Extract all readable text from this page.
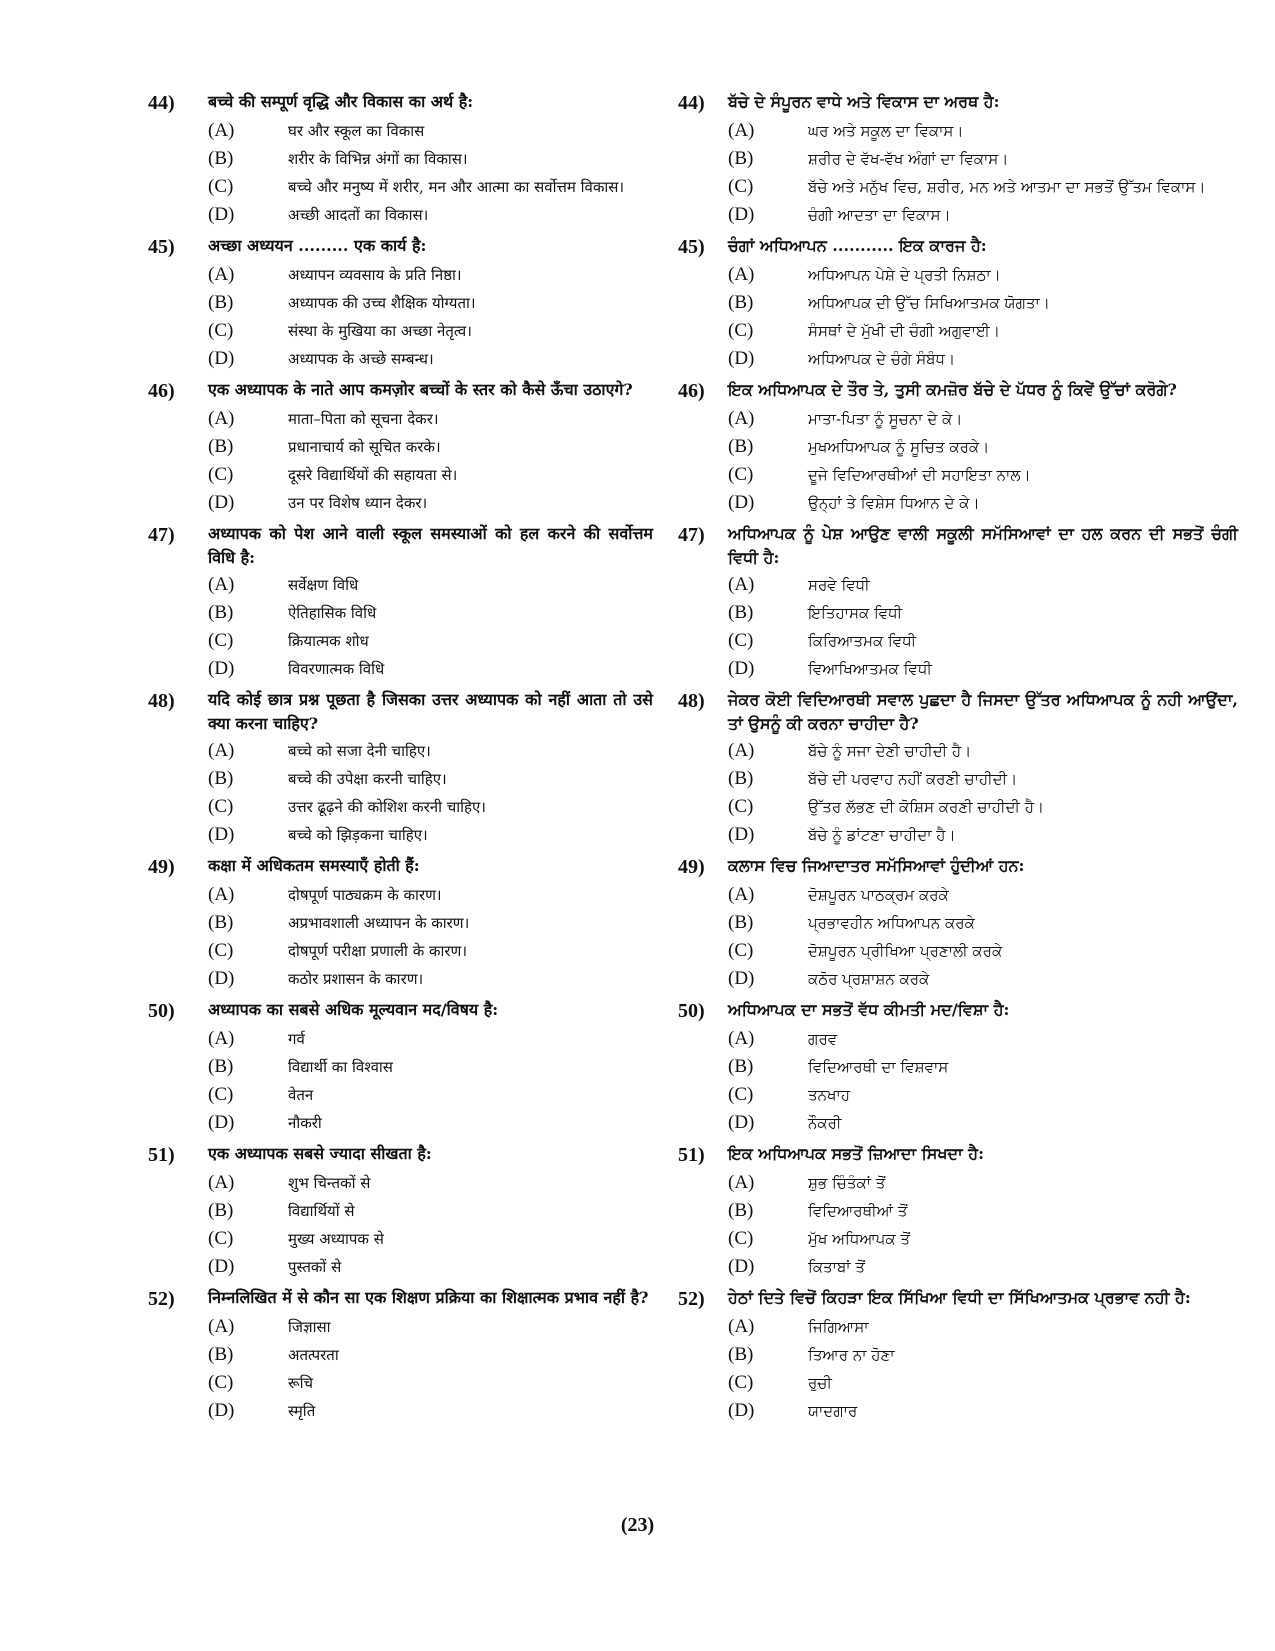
44)	बच्चे की सम्पूर्ण वृद्धि और विकास का अर्थ है:
(A)	घर और स्कूल का विकास
(B)	शरीर के विभिन्न अंगों का विकास।
(C)	बच्चे और मनुष्य में शरीर, मन और आत्मा का सर्वोत्तम विकास।
(D)	अच्छी आदतों का विकास।
45)	अच्छा अध्ययन ......... एक कार्य है:
(A)	अध्यापन व्यवसाय के प्रति निष्ठा।
(B)	अध्यापक की उच्च शैक्षिक योग्यता।
(C)	संस्था के मुखिया का अच्छा नेतृत्व।
(D)	अध्यापक के अच्छे सम्बन्ध।
46)	एक अध्यापक के नाते आप कमज़ोर बच्चों के स्तर को कैसे ऊँचा उठाएगे?
(A)	माता–पिता को सूचना देकर।
(B)	प्रधानाचार्य को सूचित करके।
(C)	दूसरे विद्यार्थियों की सहायता से।
(D)	उन पर विशेष ध्यान देकर।
47)	अध्यापक को पेश आने वाली स्कूल समस्याओं को हल करने की सर्वोत्तम विधि है:
(A)	सर्वेक्षण विधि
(B)	ऐतिहासिक विधि
(C)	क्रियात्मक शोध
(D)	विवरणात्मक विधि
48)	यदि कोई छात्र प्रश्न पूछता है जिसका उत्तर अध्यापक को नहीं आता तो उसे क्या करना चाहिए?
(A)	बच्चे को सजा देनी चाहिए।
(B)	बच्चे की उपेक्षा करनी चाहिए।
(C)	उत्तर ढूढ़ने की कोशिश करनी चाहिए।
(D)	बच्चे को झिड़कना चाहिए।
49)	कक्षा में अधिकतम समस्याएँ होती हैं:
(A)	दोषपूर्ण पाठ्यक्रम के कारण।
(B)	अप्रभावशाली अध्यापन के कारण।
(C)	दोषपूर्ण परीक्षा प्रणाली के कारण।
(D)	कठोर प्रशासन के कारण।
50)	अध्यापक का सबसे अधिक मूल्यवान मद/विषय है:
(A)	गर्व
(B)	विद्यार्थी का विश्वास
(C)	वेतन
(D)	नौकरी
51)	एक अध्यापक सबसे ज्यादा सीखता है:
(A)	शुभ चिन्तकों से
(B)	विद्यार्थियों से
(C)	मुख्य अध्यापक से
(D)	पुस्तकों से
52)	निम्नलिखित में से कौन सा एक शिक्षण प्रक्रिया का शिक्षात्मक प्रभाव नहीं है?
(A)	जिज्ञासा
(B)	अतत्परता
(C)	रूचि
(D)	स्मृति
44)	ਬੱਚੇ ਦੇ ਸੰਪੂਰਨ ਵਾਧੇ ਅਤੇ ਵਿਕਾਸ ਦਾ ਅਰਥ ਹੈ:
(A)	ਘਰ ਅਤੇ ਸਕੂਲ ਦਾ ਵਿਕਾਸ।
(B)	ਸ਼ਰੀਰ ਦੇ ਵੱਖ-ਵੱਖ ਅੰਗਾਂ ਦਾ ਵਿਕਾਸ।
(C)	ਬੱਚੇ ਅਤੇ ਮਨੁੱਖ ਵਿਚ, ਸ਼ਰੀਰ, ਮਨ ਅਤੇ ਆਤਮਾ ਦਾ ਸਭਤੋਂ ਉੱਤਮ ਵਿਕਾਸ।
(D)	ਚੰਗੀ ਆਦਤਾ ਦਾ ਵਿਕਾਸ।
45)	ਚੰਗਾਂ ਅਧਿਆਪਨ ........... ਇਕ ਕਾਰਜ ਹੈ:
(A)	ਅਧਿਆਪਨ ਪੇਸ਼ੇ ਦੇ ਪ੍ਰਤੀ ਨਿਸ਼ਠਾ।
(B)	ਅਧਿਆਪਕ ਦੀ ਉੱਚ ਸਿਖਿਆਤਮਕ ਯੋਗਤਾ।
(C)	ਸੰਸਥਾਂ ਦੇ ਮੁੱਖੀ ਦੀ ਚੰਗੀ ਅਗੁਵਾਈ।
(D)	ਅਧਿਆਪਕ ਦੇ ਚੰਗੇ ਸੰਬੰਧ।
46)	ਇਕ ਅਧਿਆਪਕ ਦੇ ਤੌਰ ਤੇ, ਤੁਸੀ ਕਮਜ਼ੋਰ ਬੱਚੇ ਦੇ ਪੱਧਰ ਨੂੰ ਕਿਵੇਂ ਉੱਚਾਂ ਕਰੋਗੇ?
(A)	ਮਾਤਾ-ਪਿਤਾ ਨੂੰ ਸੂਚਨਾ ਦੇ ਕੇ।
(B)	ਮੁਖਅਧਿਆਪਕ ਨੂੰ ਸੂਚਿਤ ਕਰਕੇ।
(C)	ਦੂਜੇ ਵਿਦਿਆਰਥੀਆਂ ਦੀ ਸਹਾਇਤਾ ਨਾਲ।
(D)	ਉਨ੍ਹਾਂ ਤੇ ਵਿਸ਼ੇਸ ਧਿਆਨ ਦੇ ਕੇ।
47)	ਅਧਿਆਪਕ ਨੂੰ ਪੇਸ਼ ਆਉਣ ਵਾਲੀ ਸਕੂਲੀ ਸਮੱਸਿਆਵਾਂ ਦਾ ਹਲ ਕਰਨ ਦੀ ਸਭਤੋਂ ਚੰਗੀ ਵਿਧੀ ਹੈ:
(A)	ਸਰਵੇ ਵਿਧੀ
(B)	ਇਤਿਹਾਸਕ ਵਿਧੀ
(C)	ਕਿਰਿਆਤਮਕ ਵਿਧੀ
(D)	ਵਿਆਖਿਆਤਮਕ ਵਿਧੀ
48)	ਜੇਕਰ ਕੋਈ ਵਿਦਿਆਰਥੀ ਸਵਾਲ ਪੁਛਦਾ ਹੈ ਜਿਸਦਾ ਉੱਤਰ ਅਧਿਆਪਕ ਨੂੰ ਨਹੀ ਆਉਂਦਾ, ਤਾਂ ਉਸਨੂੰ ਕੀ ਕਰਨਾ ਚਾਹੀਦਾ ਹੈ?
(A)	ਬੱਚੇ ਨੂੰ ਸਜਾ ਦੇਣੀ ਚਾਹੀਦੀ ਹੈ।
(B)	ਬੱਚੇ ਦੀ ਪਰਵਾਹ ਨਹੀਂ ਕਰਣੀ ਚਾਹੀਦੀ।
(C)	ਉੱਤਰ ਲੱਭਣ ਦੀ ਕੋਸ਼ਿਸ ਕਰਣੀ ਚਾਹੀਦੀ ਹੈ।
(D)	ਬੱਚੇ ਨੂੰ ਡਾਂਟਣਾ ਚਾਹੀਦਾ ਹੈ।
49)	ਕਲਾਸ ਵਿਚ ਜਿਆਦਾਤਰ ਸਮੱਸਿਆਵਾਂ ਹੁੰਦੀਆਂ ਹਨ:
(A)	ਦੋਸ਼ਪੂਰਨ ਪਾਠਕ੍ਰਮ ਕਰਕੇ
(B)	ਪ੍ਰਭਾਵਹੀਨ ਅਧਿਆਪਨ ਕਰਕੇ
(C)	ਦੋਸ਼ਪੂਰਨ ਪ੍ਰੀਖਿਆ ਪ੍ਰਣਾਲੀ ਕਰਕੇ
(D)	ਕਠੋਰ ਪ੍ਰਸ਼ਾਸ਼ਨ ਕਰਕੇ
50)	ਅਧਿਆਪਕ ਦਾ ਸਭਤੋਂ ਵੱਧ ਕੀਮਤੀ ਮਦ/ਵਿਸ਼ਾ ਹੈ:
(A)	ਗਰਵ
(B)	ਵਿਦਿਆਰਥੀ ਦਾ ਵਿਸ਼ਵਾਸ
(C)	ਤਨਖਾਹ
(D)	ਨੌਕਰੀ
51)	ਇਕ ਅਧਿਆਪਕ ਸਭਤੋਂ ਜ਼ਿਆਦਾ ਸਿਖਦਾ ਹੈ:
(A)	ਸ਼ੁਭ ਚਿੰਤੰਕਾਂ ਤੋਂ
(B)	ਵਿਦਿਆਰਥੀਆਂ ਤੋਂ
(C)	ਮੁੱਖ ਅਧਿਆਪਕ ਤੋਂ
(D)	ਕਿਤਾਬਾਂ ਤੋਂ
52)	ਹੇਠਾਂ ਦਿਤੇ ਵਿਚੋਂ ਕਿਹੜਾ ਇਕ ਸਿੱਖਿਆ ਵਿਧੀ ਦਾ ਸਿੱਖਿਆਤਮਕ ਪ੍ਰਭਾਵ ਨਹੀ ਹੈ:
(A)	ਜਿਗਿਆਸਾ
(B)	ਤਿਆਰ ਨਾ ਹੋਣਾ
(C)	ਰੁਚੀ
(D)	ਯਾਦਗਾਰ
(23)
